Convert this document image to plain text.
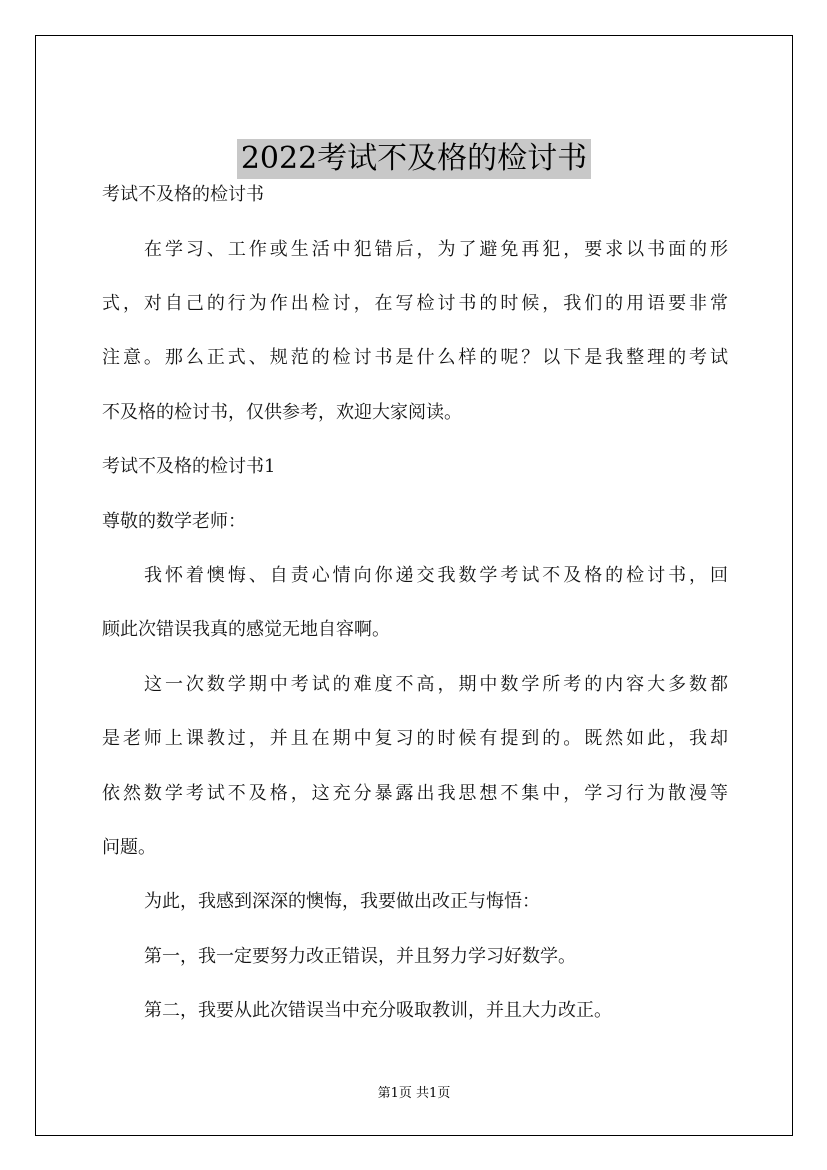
2022考试不及格的检讨书
考试不及格的检讨书
在学习、工作或生活中犯错后，为了避免再犯，要求以书面的形
式，对自己的行为作出检讨，在写检讨书的时候，我们的用语要非常
注意。那么正式、规范的检讨书是什么样的呢？以下是我整理的考试
不及格的检讨书，仅供参考，欢迎大家阅读。
考试不及格的检讨书1
尊敬的数学老师：
我怀着懊悔、自责心情向你递交我数学考试不及格的检讨书，回
顾此次错误我真的感觉无地自容啊。
这一次数学期中考试的难度不高，期中数学所考的内容大多数都
是老师上课教过，并且在期中复习的时候有提到的。既然如此，我却
依然数学考试不及格，这充分暴露出我思想不集中，学习行为散漫等
问题。
为此，我感到深深的懊悔，我要做出改正与悔悟：
第一，我一定要努力改正错误，并且努力学习好数学。
第二，我要从此次错误当中充分吸取教训，并且大力改正。
第1页 共1页
